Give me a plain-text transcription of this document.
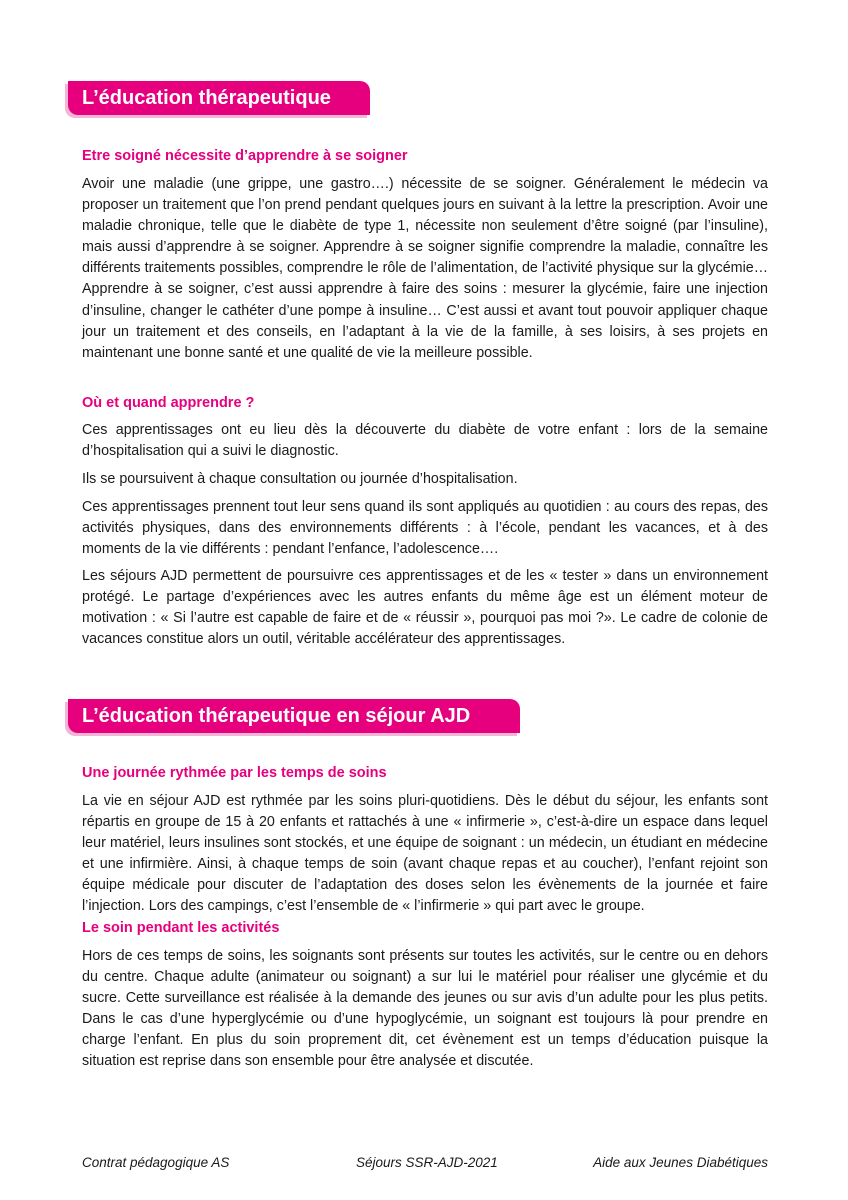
L’éducation thérapeutique
Etre soigné nécessite d’apprendre à se soigner

Avoir une maladie (une grippe, une gastro….) nécessite de se soigner. Généralement le médecin va proposer un traitement que l’on prend pendant quelques jours en suivant à la lettre la prescription. Avoir une maladie chronique, telle que le diabète de type 1, nécessite non seulement d’être soigné (par l’insuline), mais aussi d’apprendre à se soigner. Apprendre à se soigner signifie comprendre la maladie, connaître les différents traitements possibles, comprendre le rôle de l’alimentation, de l’activité physique sur la glycémie… Apprendre à se soigner, c’est aussi apprendre à faire des soins : mesurer la glycémie, faire une injection d’insuline, changer le cathéter d’une pompe à insuline… C’est aussi et avant tout pouvoir appliquer chaque jour un traitement et des conseils, en l’adaptant à la vie de la famille, à ses loisirs, à ses projets en maintenant une bonne santé et une qualité de vie la meilleure possible.

Où et quand apprendre ?

Ces apprentissages ont eu lieu dès la découverte du diabète de votre enfant : lors de la semaine d’hospitalisation qui a suivi le diagnostic.

Ils se poursuivent à chaque consultation ou journée d’hospitalisation.

Ces apprentissages prennent tout leur sens quand ils sont appliqués au quotidien : au cours des repas, des activités physiques, dans des environnements différents : à l’école, pendant les vacances, et à des moments de la vie différents : pendant l’enfance, l’adolescence….

Les séjours AJD permettent de poursuivre ces apprentissages et de les « tester » dans un environnement protégé. Le partage d’expériences avec les autres enfants du même âge est un élément moteur de motivation : « Si l’autre est capable de faire et de « réussir », pourquoi pas moi ?». Le cadre de colonie de vacances constitue alors un outil, véritable accélérateur des apprentissages.

L’éducation thérapeutique en séjour AJD
Une journée rythmée par les temps de soins

La vie en séjour AJD est rythmée par les soins pluri-quotidiens. Dès le début du séjour, les enfants sont répartis en groupe de 15 à 20 enfants et rattachés à une « infirmerie », c’est-à-dire un espace dans lequel leur matériel, leurs insulines sont stockés, et une équipe de soignant : un médecin, un étudiant en médecine et une infirmière. Ainsi, à chaque temps de soin (avant chaque repas et au coucher), l’enfant rejoint son équipe médicale pour discuter de l’adaptation des doses selon les évènements de la journée et faire l’injection. Lors des campings, c’est l’ensemble de « l’infirmerie » qui part avec le groupe.

Le soin pendant les activités

Hors de ces temps de soins, les soignants sont présents sur toutes les activités, sur le centre ou en dehors du centre. Chaque adulte (animateur ou soignant) a sur lui le matériel pour réaliser une glycémie et du sucre. Cette surveillance est réalisée à la demande des jeunes ou sur avis d’un adulte pour les plus petits. Dans le cas d’une hyperglycémie ou d’une hypoglycémie, un soignant est toujours là pour prendre en charge l’enfant. En plus du soin proprement dit, cet évènement est un temps d’éducation puisque la situation est reprise dans son ensemble pour être analysée et discutée.

Contrat pédagogique AS	Séjours SSR-AJD-2021	Aide aux Jeunes Diabétiques
